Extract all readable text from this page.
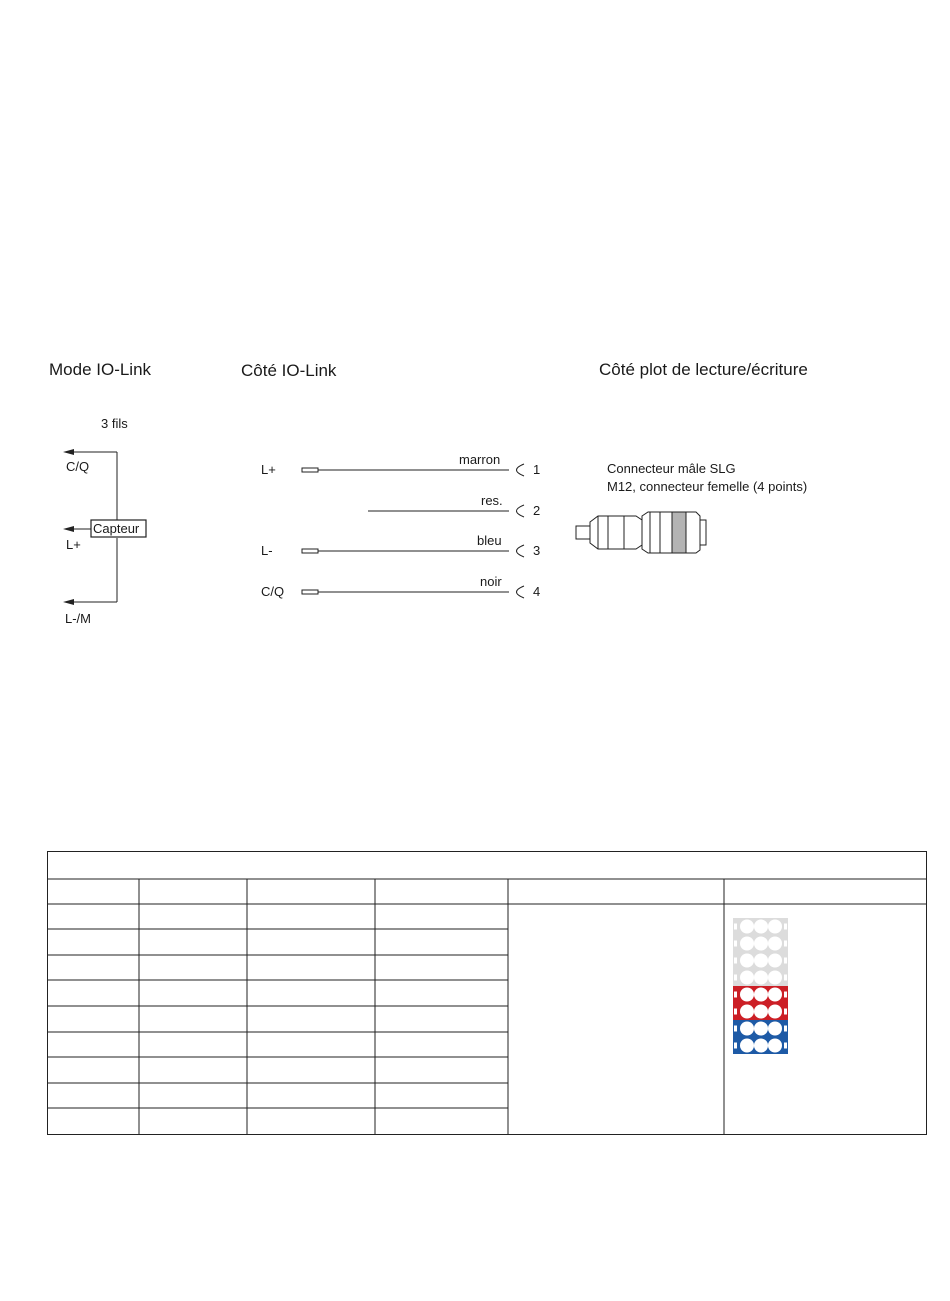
Mode IO-Link	Côté IO-Link	Côté plot de lecture/écriture
3 fils
Capteur
C/Q
L+
L-/M
L+
L-
C/Q
marron
res.
bleu
noir
1
2
3
4
Connecteur mâle SLG
M12, connecteur femelle (4 points)
